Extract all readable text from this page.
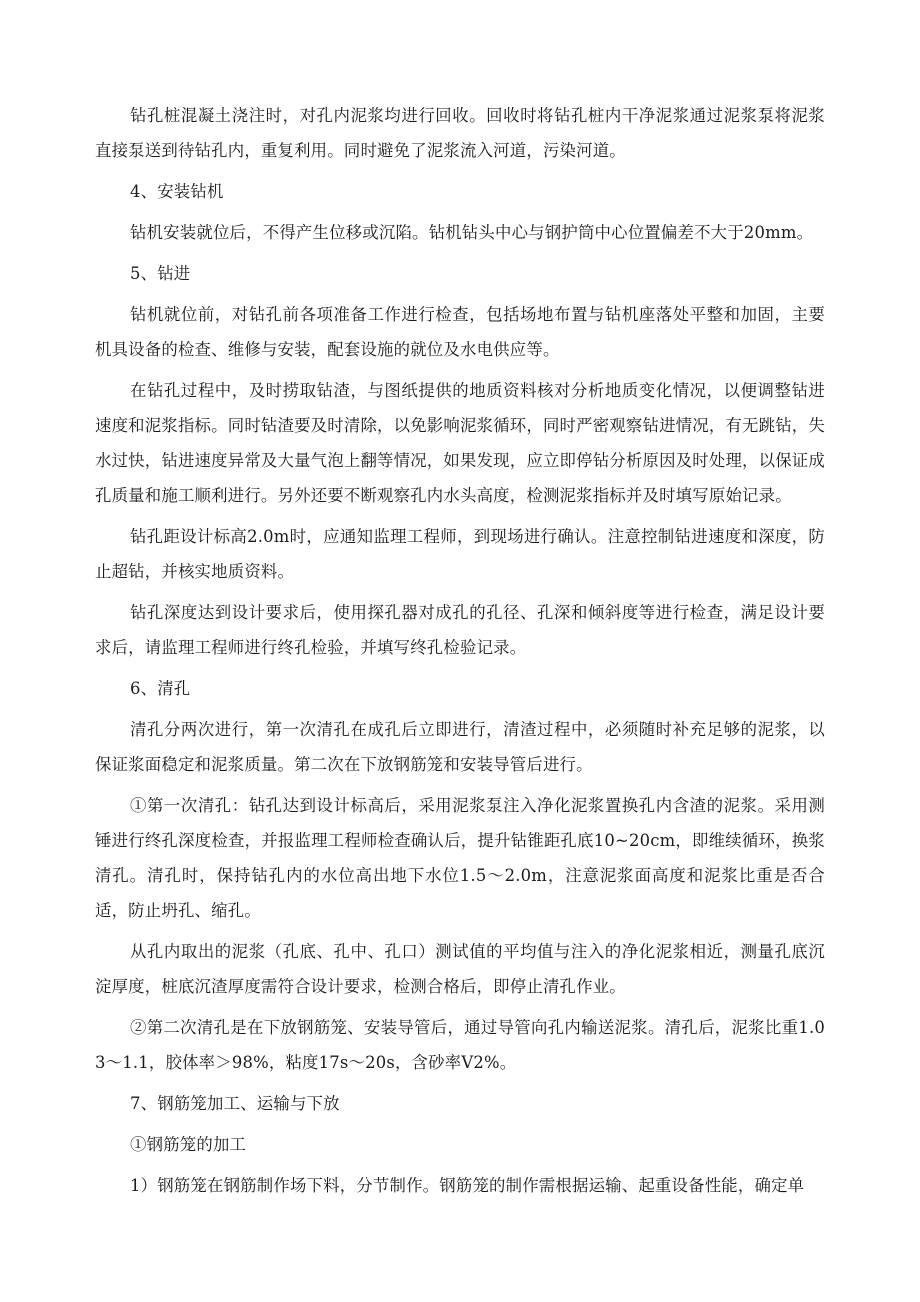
钻孔桩混凝土浇注时，对孔内泥浆均进行回收。回收时将钻孔桩内干净泥浆通过泥浆泵将泥浆直接泵送到待钻孔内，重复利用。同时避免了泥浆流入河道，污染河道。

4、安装钻机

钻机安装就位后，不得产生位移或沉陷。钻机钻头中心与钢护筒中心位置偏差不大于20mm。

5、钻进

钻机就位前，对钻孔前各项准备工作进行检查，包括场地布置与钻机座落处平整和加固，主要机具设备的检查、维修与安装，配套设施的就位及水电供应等。

在钻孔过程中，及时捞取钻渣，与图纸提供的地质资料核对分析地质变化情况，以便调整钻进速度和泥浆指标。同时钻渣要及时清除，以免影响泥浆循环，同时严密观察钻进情况，有无跳钻，失水过快，钻进速度异常及大量气泡上翻等情况，如果发现，应立即停钻分析原因及时处理，以保证成孔质量和施工顺利进行。另外还要不断观察孔内水头高度，检测泥浆指标并及时填写原始记录。

钻孔距设计标高2.0m时，应通知监理工程师，到现场进行确认。注意控制钻进速度和深度，防止超钻，并核实地质资料。

钻孔深度达到设计要求后，使用探孔器对成孔的孔径、孔深和倾斜度等进行检查，满足设计要求后，请监理工程师进行终孔检验，并填写终孔检验记录。

6、清孔

清孔分两次进行，第一次清孔在成孔后立即进行，清渣过程中，必须随时补充足够的泥浆，以保证浆面稳定和泥浆质量。第二次在下放钢筋笼和安装导管后进行。

①第一次清孔：钻孔达到设计标高后，采用泥浆泵注入净化泥浆置换孔内含渣的泥浆。采用测锤进行终孔深度检查，并报监理工程师检查确认后，提升钻锥距孔底10~20cm，即维续循环，换浆清孔。清孔时，保持钻孔内的水位高出地下水位1.5～2.0m，注意泥浆面高度和泥浆比重是否合适，防止坍孔、缩孔。

从孔内取出的泥浆（孔底、孔中、孔口）测试值的平均值与注入的净化泥浆相近，测量孔底沉淀厚度，桩底沉渣厚度需符合设计要求，检测合格后，即停止清孔作业。

②第二次清孔是在下放钢筋笼、安装导管后，通过导管向孔内输送泥浆。清孔后，泥浆比重1.03～1.1，胶体率＞98%，粘度17s～20s，含砂率V2%。

7、钢筋笼加工、运输与下放

①钢筋笼的加工

1）钢筋笼在钢筋制作场下料，分节制作。钢筋笼的制作需根据运输、起重设备性能，确定单
